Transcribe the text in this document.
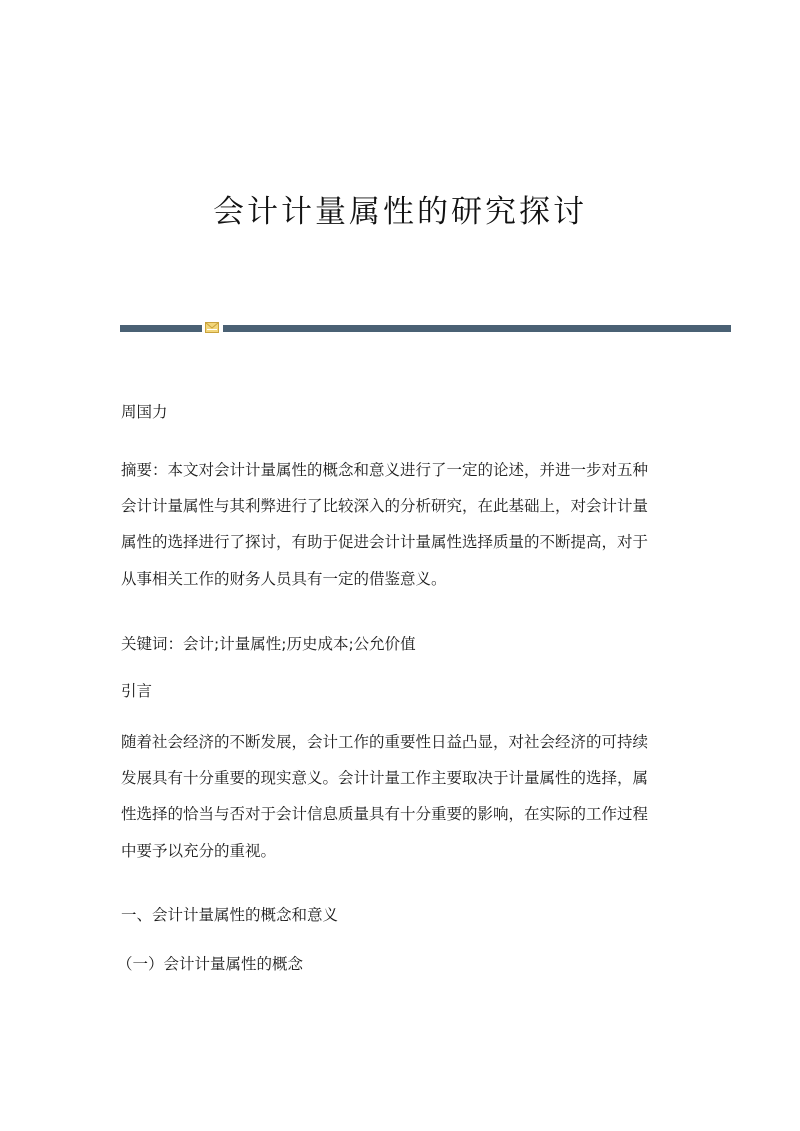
会计计量属性的研究探讨

周国力

摘要：本文对会计计量属性的概念和意义进行了一定的论述，并进一步对五种
会计计量属性与其利弊进行了比较深入的分析研究，在此基础上，对会计计量
属性的选择进行了探讨，有助于促进会计计量属性选择质量的不断提高，对于
从事相关工作的财务人员具有一定的借鉴意义。

关键词：会计;计量属性;历史成本;公允价值

引言

随着社会经济的不断发展，会计工作的重要性日益凸显，对社会经济的可持续
发展具有十分重要的现实意义。会计计量工作主要取决于计量属性的选择，属
性选择的恰当与否对于会计信息质量具有十分重要的影响，在实际的工作过程
中要予以充分的重视。

一、会计计量属性的概念和意义

（一）会计计量属性的概念
